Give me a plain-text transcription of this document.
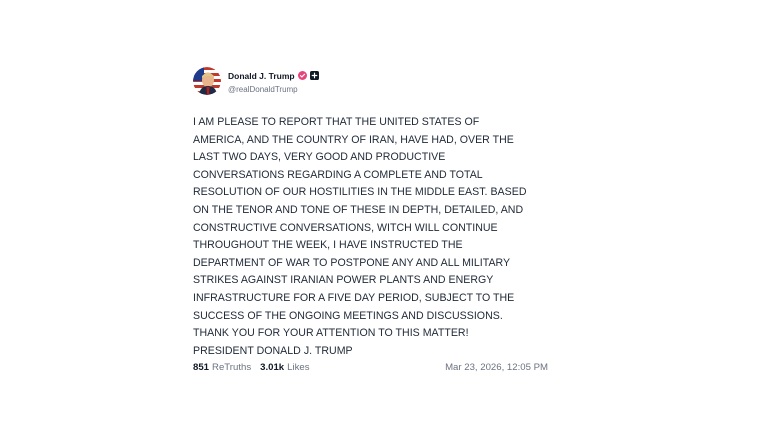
Donald J. Trump
@realDonaldTrump
I AM PLEASE TO REPORT THAT THE UNITED STATES OF
AMERICA, AND THE COUNTRY OF IRAN, HAVE HAD, OVER THE
LAST TWO DAYS, VERY GOOD AND PRODUCTIVE
CONVERSATIONS REGARDING A COMPLETE AND TOTAL
RESOLUTION OF OUR HOSTILITIES IN THE MIDDLE EAST. BASED
ON THE TENOR AND TONE OF THESE IN DEPTH, DETAILED, AND
CONSTRUCTIVE CONVERSATIONS, WITCH WILL CONTINUE
THROUGHOUT THE WEEK, I HAVE INSTRUCTED THE
DEPARTMENT OF WAR TO POSTPONE ANY AND ALL MILITARY
STRIKES AGAINST IRANIAN POWER PLANTS AND ENERGY
INFRASTRUCTURE FOR A FIVE DAY PERIOD, SUBJECT TO THE
SUCCESS OF THE ONGOING MEETINGS AND DISCUSSIONS.
THANK YOU FOR YOUR ATTENTION TO THIS MATTER!
PRESIDENT DONALD J. TRUMP
851 ReTruths 3.01k Likes	Mar 23, 2026, 12:05 PM
